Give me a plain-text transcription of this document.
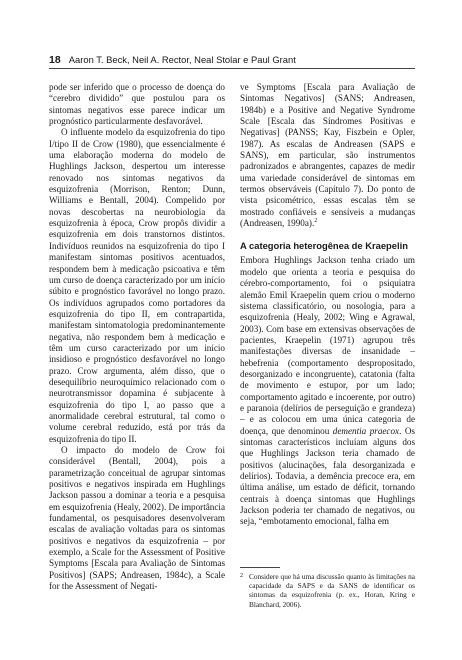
18 Aaron T. Beck, Neil A. Rector, Neal Stolar e Paul Grant

pode ser inferido que o processo de doença do “cerebro dividido” que postulou para os sintomas negativos esse parece indicar um prognóstico particularmente desfavorável.

O influente modelo da esquizofrenia do tipo I/tipo II de Crow (1980), que essencialmente é uma elaboração moderna do modelo de Hughlings Jackson, despertou um interesse renovado nos sintomas negativos da esquizofrenia (Morrison, Renton; Dunn, Williams e Bentall, 2004). Compelido por novas descobertas na neurobiologia da esquizofrenia à época, Crow propôs dividir a esquizofrenia em dois transtornos distintos. Indivíduos reunidos na esquizofrenia do tipo I manifestam sintomas positivos acentuados, respondem bem à medicação psicoativa e têm um curso de doença caracterizado por um início súbito e prognóstico favorável no longo prazo. Os indivíduos agrupados como portadores da esquizofrenia do tipo II, em contrapartida, manifestam sintomatologia predominantemente negativa, não respondem bem à medicação e têm um curso caracterizado por um início insidioso e prognóstico desfavorável no longo prazo. Crow argumenta, além disso, que o desequilíbrio neuroquímico relacionado com o neurotransmissor dopamina é subjacente à esquizofrenia do tipo I, ao passo que a anormalidade cerebral estrutural, tal como o volume cerebral reduzido, está por trás da esquizofrenia do tipo II.

O impacto do modelo de Crow foi considerável (Bentall, 2004), pois a parametrização conceitual de agrupar sintomas positivos e negativos inspirada em Hughlings Jackson passou a dominar a teoria e a pesquisa em esquizofrenia (Healy, 2002). De importância fundamental, os pesquisadores desenvolveram escalas de avaliação voltadas para os sintomas positivos e negativos da esquizofrenia – por exemplo, a Scale for the Assessment of Positive Symptoms [Escala para Avaliação de Sintomas Positivos] (SAPS; Andreasen, 1984c), a Scale for the Assessment of Negati-

ve Symptoms [Escala para Avaliação de Sintomas Negativos] (SANS; Andreasen, 1984b) e a Positive and Negative Syndrome Scale [Escala das Síndromes Positivas e Negativas] (PANSS; Kay, Fiszbein e Opler, 1987). As escalas de Andreasen (SAPS e SANS), em particular, são instrumentos padronizados e abrangentes, capazes de medir uma variedade considerável de sintomas em termos observáveis (Capítulo 7). Do ponto de vista psicométrico, essas escalas têm se mostrado confiáveis e sensíveis a mudanças (Andreasen, 1990a).$^2$

A categoria heterogênea de Kraepelin

Embora Hughlings Jackson tenha criado um modelo que orienta a teoria e pesquisa do cérebro-comportamento, foi o psiquiatra alemão Emil Kraepelin quem criou o moderno sistema classificatório, ou nosologia, para a esquizofrenia (Healy, 2002; Wing e Agrawal, 2003). Com base em extensivas observações de pacientes, Kraepelin (1971) agrupou três manifestações diversas de insanidade – hebefrenia (comportamento despropositado, desorganizado e incongruente), catatonia (falta de movimento e estupor, por um lado; comportamento agitado e incoerente, por outro) e paranoia (delírios de perseguição e grandeza) – e as colocou em uma única categoria de doença, que denominou dementia praecox. Os sintomas característicos incluíam alguns dos que Hughlings Jackson teria chamado de positivos (alucinações, fala desorganizada e delírios). Todavia, a demência precoce era, em última análise, um estado de déficit, tornando centrais à doença sintomas que Hughlings Jackson poderia ter chamado de negativos, ou seja, “embotamento emocional, falha em

2 Considere que há uma discussão quanto às limitações na capacidade da SAPS e da SANS de identificar os sintomas da esquizofrenia (p. ex., Horan, Kring e Blanchard, 2006).
